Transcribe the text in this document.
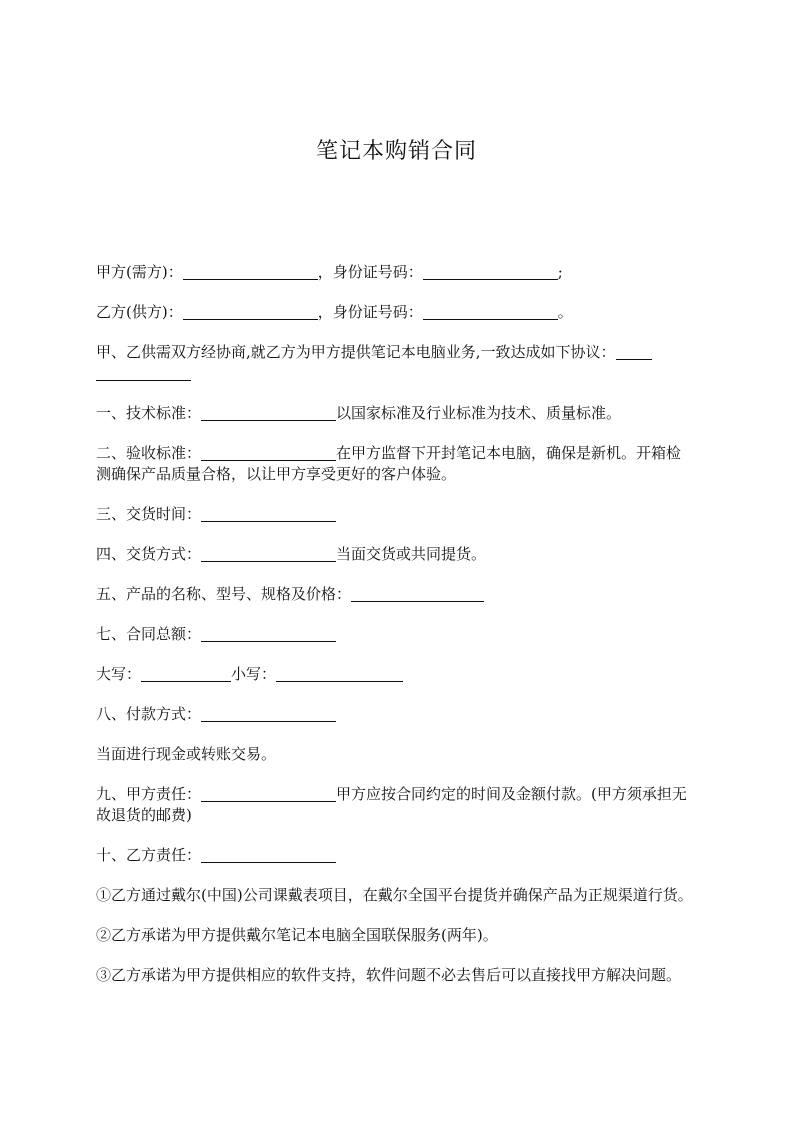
笔记本购销合同

甲方(需方)：	，身份证号码：	;

乙方(供方)：	，身份证号码：	。

甲、乙供需双方经协商,就乙方为甲方提供笔记本电脑业务,一致达成如下协议：

一、技术标准：	以国家标准及行业标准为技术、质量标准。

二、验收标准：	在甲方监督下开封笔记本电脑，确保是新机。开箱检测确保产品质量合格，以让甲方享受更好的客户体验。

三、交货时间：

四、交货方式：	当面交货或共同提货。

五、产品的名称、型号、规格及价格：

七、合同总额：

大写：	小写：

八、付款方式：

当面进行现金或转账交易。

九、甲方责任：	甲方应按合同约定的时间及金额付款。(甲方须承担无故退货的邮费)

十、乙方责任：

①乙方通过戴尔(中国)公司课戴表项目，在戴尔全国平台提货并确保产品为正规渠道行货。

②乙方承诺为甲方提供戴尔笔记本电脑全国联保服务(两年)。

③乙方承诺为甲方提供相应的软件支持，软件问题不必去售后可以直接找甲方解决问题。
